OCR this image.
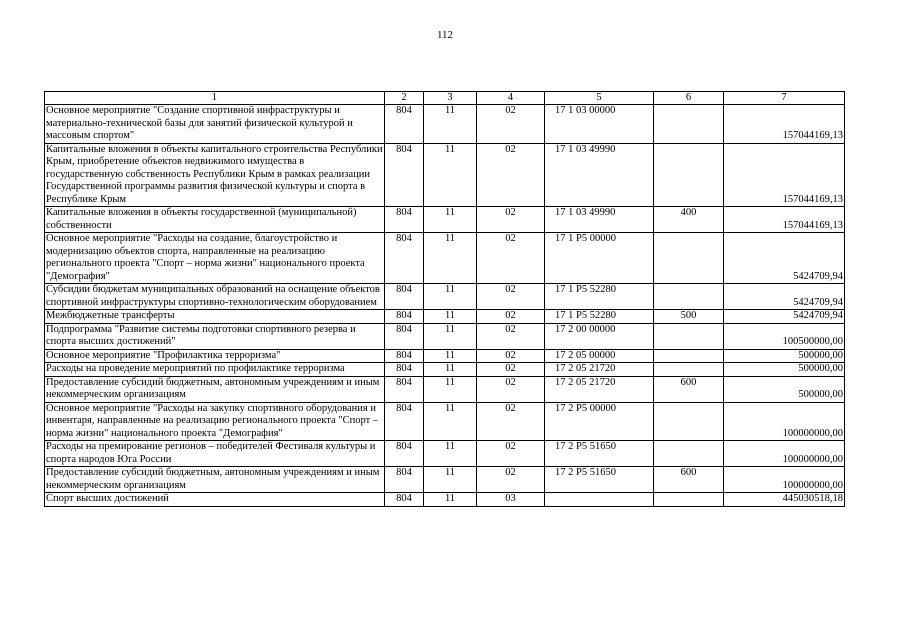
112
1	2	3	4	5	6	7
Основное мероприятие "Создание спортивной инфраструктуры и материально-технической базы для занятий физической культурой и массовым спортом"	804	11	02	17 1 03 00000		157044169,13
Капитальные вложения в объекты капитального строительства Республики Крым, приобретение объектов недвижимого имущества в государственную собственность Республики Крым в рамках реализации Государственной программы развития физической культуры и спорта в Республике Крым	804	11	02	17 1 03 49990		157044169,13
Капитальные вложения в объекты государственной (муниципальной) собственности	804	11	02	17 1 03 49990	400	157044169,13
Основное мероприятие "Расходы на создание, благоустройство и модернизацию объектов спорта, направленные на реализацию регионального проекта "Спорт – норма жизни" национального проекта "Демография"	804	11	02	17 1 P5 00000		5424709,94
Субсидии бюджетам муниципальных образований на оснащение объектов спортивной инфраструктуры спортивно-технологическим оборудованием	804	11	02	17 1 P5 52280		5424709,94
Межбюджетные трансферты	804	11	02	17 1 P5 52280	500	5424709,94
Подпрограмма "Развитие системы подготовки спортивного резерва и спорта высших достижений"	804	11	02	17 2 00 00000		100500000,00
Основное мероприятие "Профилактика терроризма"	804	11	02	17 2 05 00000		500000,00
Расходы на проведение мероприятий по профилактике терроризма	804	11	02	17 2 05 21720		500000,00
Предоставление субсидий бюджетным, автономным учреждениям и иным некоммерческим организациям	804	11	02	17 2 05 21720	600	500000,00
Основное мероприятие "Расходы на закупку спортивного оборудования и инвентаря, направленные на реализацию регионального проекта "Спорт – норма жизни" национального проекта "Демография"	804	11	02	17 2 P5 00000		100000000,00
Расходы на премирование регионов – победителей Фестиваля культуры и спорта народов Юга России	804	11	02	17 2 P5 51650		100000000,00
Предоставление субсидий бюджетным, автономным учреждениям и иным некоммерческим организациям	804	11	02	17 2 P5 51650	600	100000000,00
Спорт высших достижений	804	11	03			445030518,18
